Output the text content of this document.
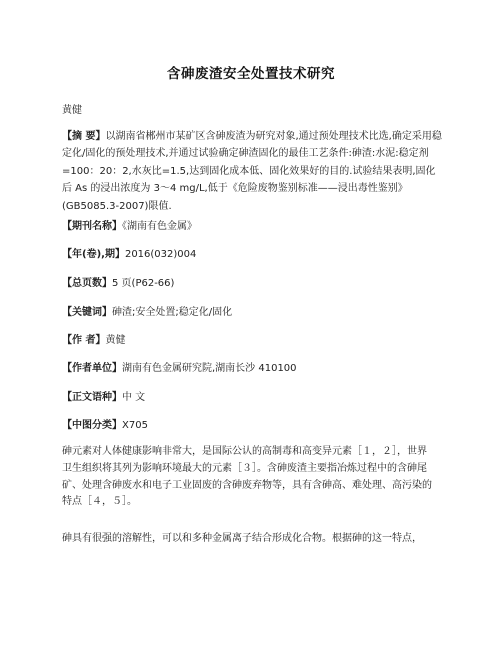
含砷废渣安全处置技术研究
黄健
【摘 要】以湖南省郴州市某矿区含砷废渣为研究对象,通过预处理技术比选,确定采用稳定化/固化的预处理技术,并通过试验确定砷渣固化的最佳工艺条件:砷渣:水泥:稳定剂=100：20：2,水灰比=1.5,达到固化成本低、固化效果好的目的.试验结果表明,固化后 As 的浸出浓度为 3～4 mg/L,低于《危险废物鉴别标准——浸出毒性鉴别》(GB5085.3-2007)限值.
【期刊名称】《湖南有色金属》
【年(卷),期】2016(032)004
【总页数】5 页(P62-66)
【关键词】砷渣;安全处置;稳定化/固化
【作 者】黄健
【作者单位】湖南有色金属研究院,湖南长沙 410100
【正文语种】中 文
【中图分类】X705
砷元素对人体健康影响非常大，是国际公认的高制毒和高变异元素［１，２］，世界卫生组织将其列为影响环境最大的元素［３］。含砷废渣主要指冶炼过程中的含砷尾矿、处理含砷废水和电子工业固废的含砷废弃物等，具有含砷高、难处理、高污染的特点［４，５］。
砷具有很强的溶解性，可以和多种金属离子结合形成化合物。根据砷的这一特点，
